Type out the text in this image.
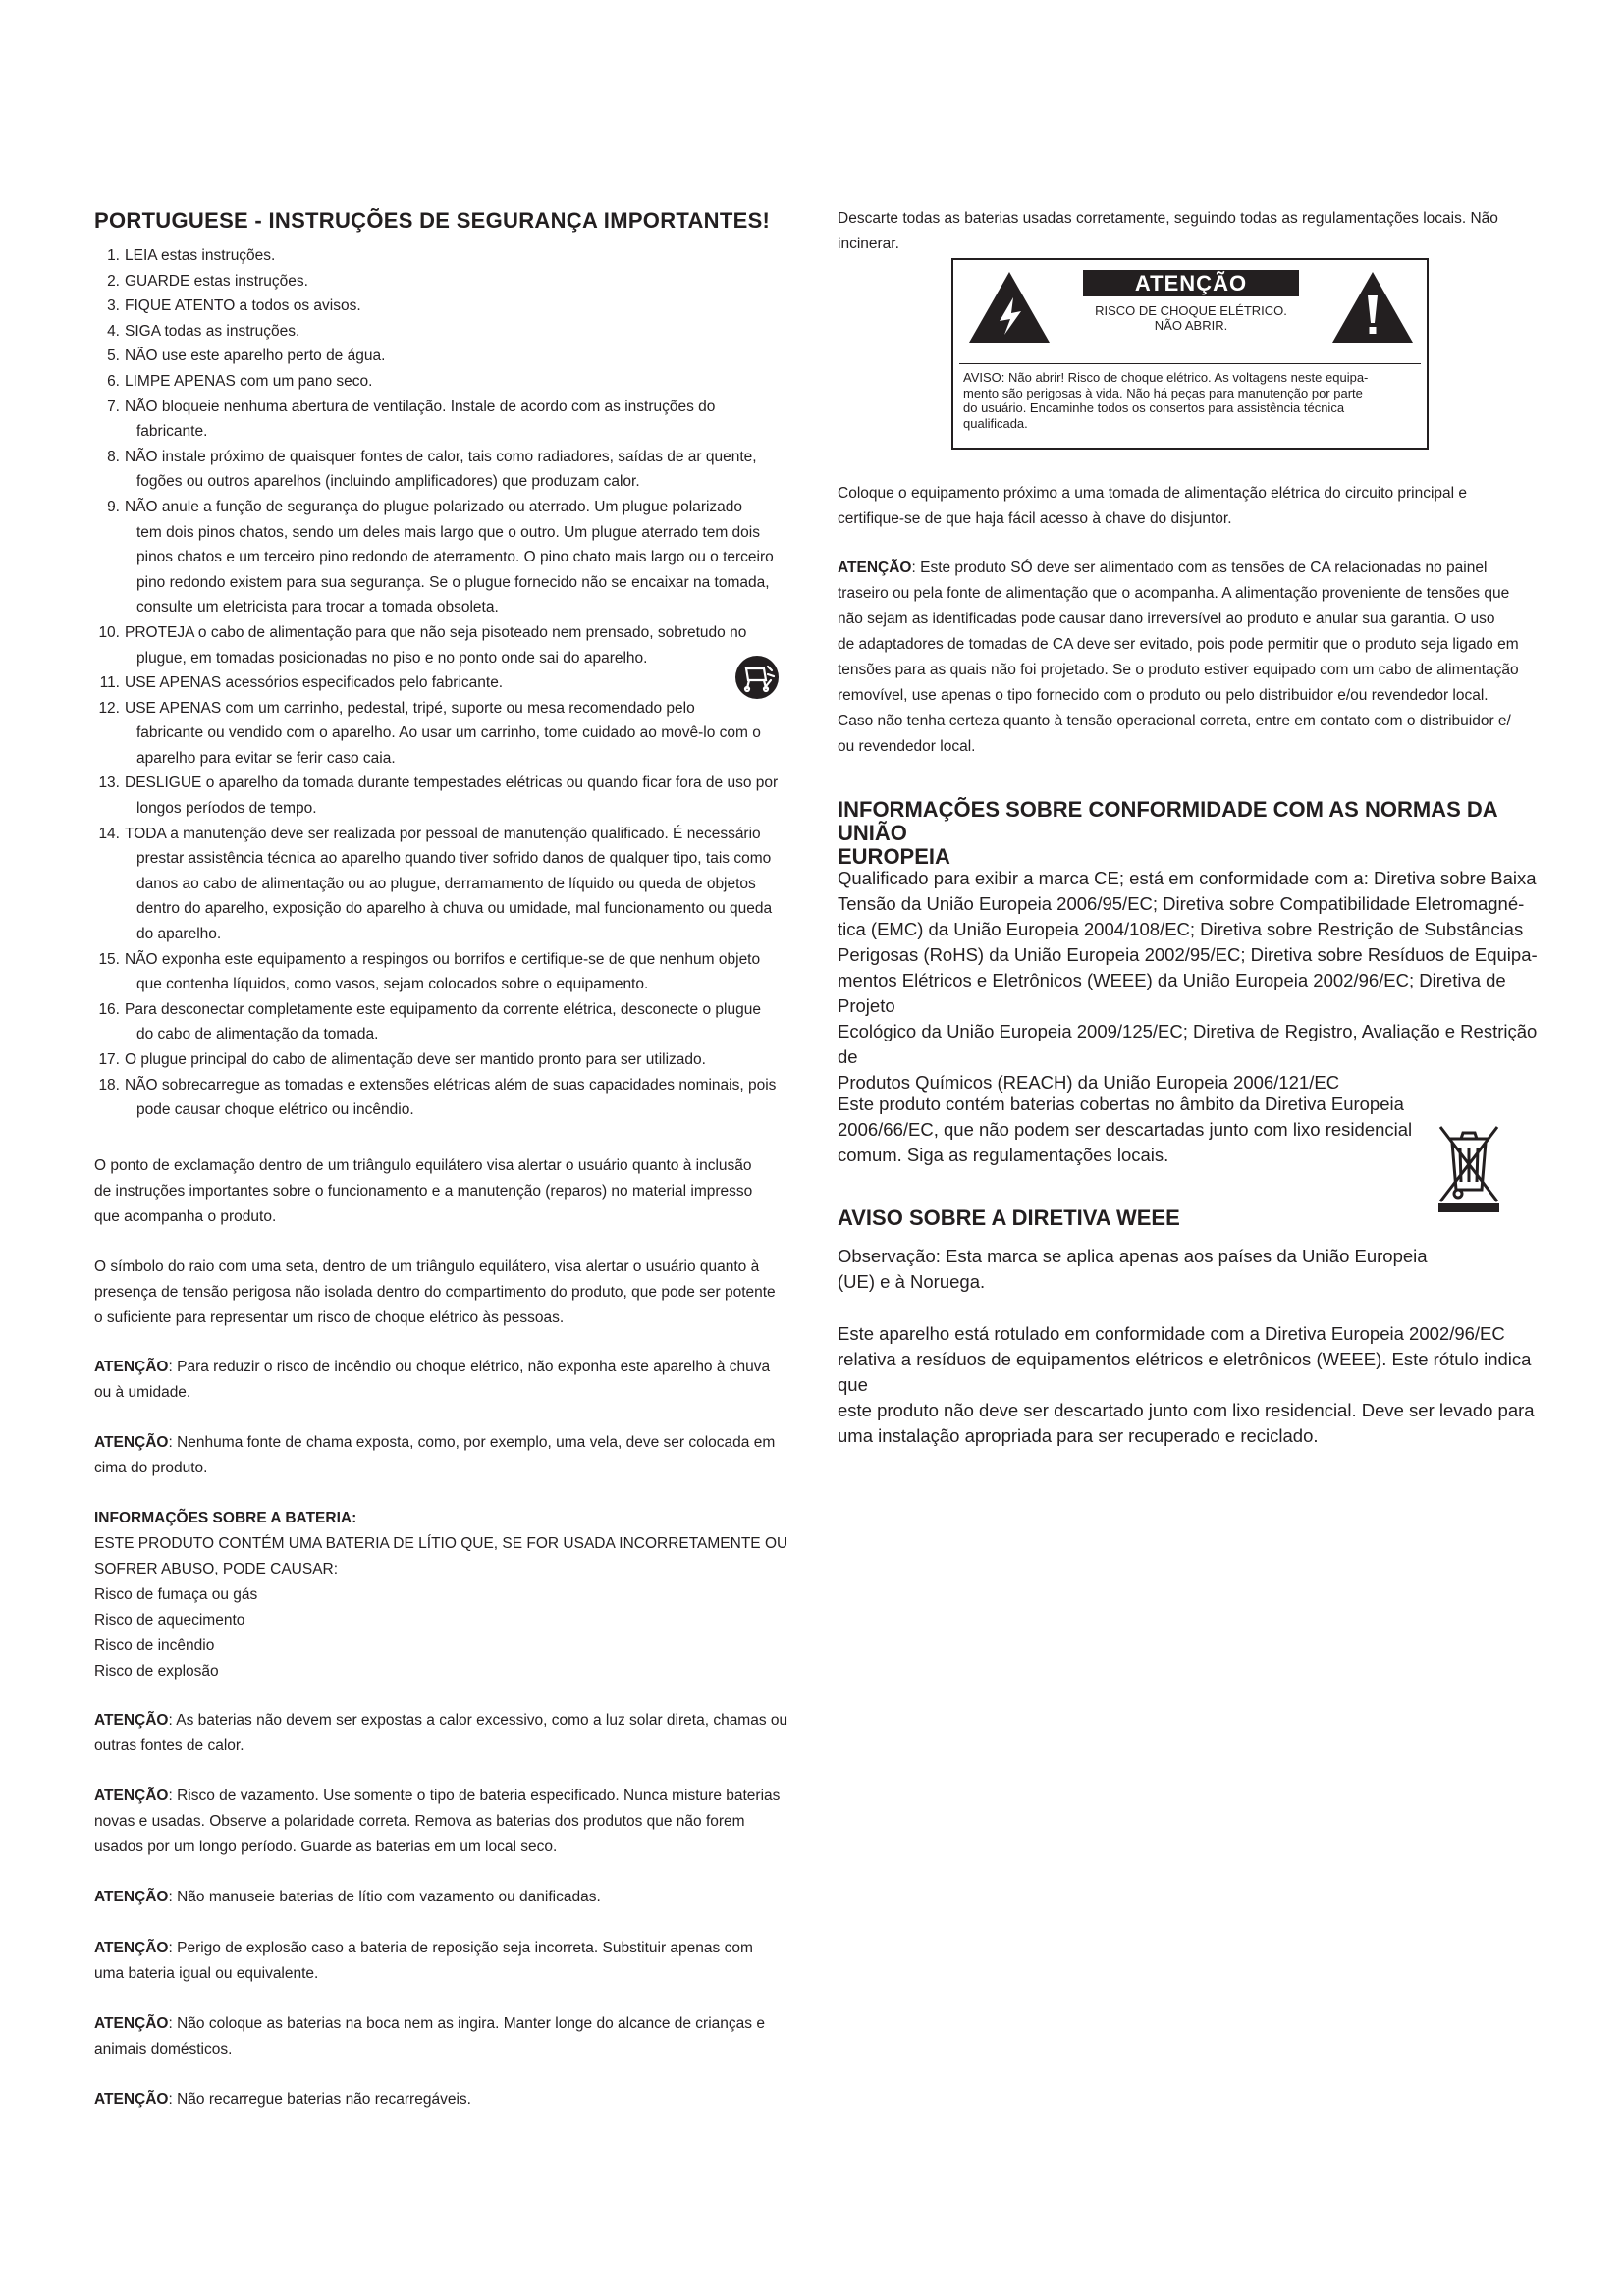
PORTUGUESE - INSTRUÇÕES DE SEGURANÇA IMPORTANTES!
1. LEIA estas instruções.
2. GUARDE estas instruções.
3. FIQUE ATENTO a todos os avisos.
4. SIGA todas as instruções.
5. NÃO use este aparelho perto de água.
6. LIMPE APENAS com um pano seco.
7. NÃO bloqueie nenhuma abertura de ventilação. Instale de acordo com as instruções do
fabricante.
8. NÃO instale próximo de quaisquer fontes de calor, tais como radiadores, saídas de ar quente,
fogões ou outros aparelhos (incluindo amplificadores) que produzam calor.
9. NÃO anule a função de segurança do plugue polarizado ou aterrado. Um plugue polarizado
tem dois pinos chatos, sendo um deles mais largo que o outro. Um plugue aterrado tem dois
pinos chatos e um terceiro pino redondo de aterramento. O pino chato mais largo ou o terceiro
pino redondo existem para sua segurança. Se o plugue fornecido não se encaixar na tomada,
consulte um eletricista para trocar a tomada obsoleta.
10. PROTEJA o cabo de alimentação para que não seja pisoteado nem prensado, sobretudo no
plugue, em tomadas posicionadas no piso e no ponto onde sai do aparelho.
11. USE APENAS acessórios especificados pelo fabricante.
12. USE APENAS com um carrinho, pedestal, tripé, suporte ou mesa recomendado pelo
fabricante ou vendido com o aparelho. Ao usar um carrinho, tome cuidado ao movê-lo com o
aparelho para evitar se ferir caso caia.
13. DESLIGUE o aparelho da tomada durante tempestades elétricas ou quando ficar fora de uso por
longos períodos de tempo.
14. TODA a manutenção deve ser realizada por pessoal de manutenção qualificado. É necessário
prestar assistência técnica ao aparelho quando tiver sofrido danos de qualquer tipo, tais como
danos ao cabo de alimentação ou ao plugue, derramamento de líquido ou queda de objetos
dentro do aparelho, exposição do aparelho à chuva ou umidade, mal funcionamento ou queda
do aparelho.
15. NÃO exponha este equipamento a respingos ou borrifos e certifique-se de que nenhum objeto
que contenha líquidos, como vasos, sejam colocados sobre o equipamento.
16. Para desconectar completamente este equipamento da corrente elétrica, desconecte o plugue
do cabo de alimentação da tomada.
17. O plugue principal do cabo de alimentação deve ser mantido pronto para ser utilizado.
18. NÃO sobrecarregue as tomadas e extensões elétricas além de suas capacidades nominais, pois
pode causar choque elétrico ou incêndio.
O ponto de exclamação dentro de um triângulo equilátero visa alertar o usuário quanto à inclusão
de instruções importantes sobre o funcionamento e a manutenção (reparos) no material impresso
que acompanha o produto.
O símbolo do raio com uma seta, dentro de um triângulo equilátero, visa alertar o usuário quanto à
presença de tensão perigosa não isolada dentro do compartimento do produto, que pode ser potente
o suficiente para representar um risco de choque elétrico às pessoas.
ATENÇÃO: Para reduzir o risco de incêndio ou choque elétrico, não exponha este aparelho à chuva
ou à umidade.
ATENÇÃO: Nenhuma fonte de chama exposta, como, por exemplo, uma vela, deve ser colocada em
cima do produto.
INFORMAÇÕES SOBRE A BATERIA:
ESTE PRODUTO CONTÉM UMA BATERIA DE LÍTIO QUE, SE FOR USADA INCORRETAMENTE OU
SOFRER ABUSO, PODE CAUSAR:
Risco de fumaça ou gás
Risco de aquecimento
Risco de incêndio
Risco de explosão
ATENÇÃO: As baterias não devem ser expostas a calor excessivo, como a luz solar direta, chamas ou
outras fontes de calor.
ATENÇÃO: Risco de vazamento. Use somente o tipo de bateria especificado. Nunca misture baterias
novas e usadas. Observe a polaridade correta. Remova as baterias dos produtos que não forem
usados por um longo período. Guarde as baterias em um local seco.
ATENÇÃO: Não manuseie baterias de lítio com vazamento ou danificadas.
ATENÇÃO: Perigo de explosão caso a bateria de reposição seja incorreta. Substituir apenas com
uma bateria igual ou equivalente.
ATENÇÃO: Não coloque as baterias na boca nem as ingira. Manter longe do alcance de crianças e
animais domésticos.
ATENÇÃO: Não recarregue baterias não recarregáveis.
Descarte todas as baterias usadas corretamente, seguindo todas as regulamentações locais. Não
incinerar.
ATENÇÃO
RISCO DE CHOQUE ELÉTRICO.
NÃO ABRIR.
AVISO: Não abrir! Risco de choque elétrico. As voltagens neste equipa-
mento são perigosas à vida. Não há peças para manutenção por parte
do usuário. Encaminhe todos os consertos para assistência técnica
qualificada.
Coloque o equipamento próximo a uma tomada de alimentação elétrica do circuito principal e
certifique-se de que haja fácil acesso à chave do disjuntor.
ATENÇÃO: Este produto SÓ deve ser alimentado com as tensões de CA relacionadas no painel
traseiro ou pela fonte de alimentação que o acompanha. A alimentação proveniente de tensões que
não sejam as identificadas pode causar dano irreversível ao produto e anular sua garantia. O uso
de adaptadores de tomadas de CA deve ser evitado, pois pode permitir que o produto seja ligado em
tensões para as quais não foi projetado. Se o produto estiver equipado com um cabo de alimentação
removível, use apenas o tipo fornecido com o produto ou pelo distribuidor e/ou revendedor local.
Caso não tenha certeza quanto à tensão operacional correta, entre em contato com o distribuidor e/
ou revendedor local.
INFORMAÇÕES SOBRE CONFORMIDADE COM AS NORMAS DA UNIÃO
EUROPEIA
Qualificado para exibir a marca CE; está em conformidade com a: Diretiva sobre Baixa
Tensão da União Europeia 2006/95/EC; Diretiva sobre Compatibilidade Eletromagné-
tica (EMC) da União Europeia 2004/108/EC; Diretiva sobre Restrição de Substâncias
Perigosas (RoHS) da União Europeia 2002/95/EC; Diretiva sobre Resíduos de Equipa-
mentos Elétricos e Eletrônicos (WEEE) da União Europeia 2002/96/EC; Diretiva de Projeto
Ecológico da União Europeia 2009/125/EC; Diretiva de Registro, Avaliação e Restrição de
Produtos Químicos (REACH) da União Europeia 2006/121/EC
Este produto contém baterias cobertas no âmbito da Diretiva Europeia
2006/66/EC, que não podem ser descartadas junto com lixo residencial
comum. Siga as regulamentações locais.
AVISO SOBRE A DIRETIVA WEEE
Observação: Esta marca se aplica apenas aos países da União Europeia
(UE) e à Noruega.
Este aparelho está rotulado em conformidade com a Diretiva Europeia 2002/96/EC
relativa a resíduos de equipamentos elétricos e eletrônicos (WEEE). Este rótulo indica que
este produto não deve ser descartado junto com lixo residencial. Deve ser levado para
uma instalação apropriada para ser recuperado e reciclado.
